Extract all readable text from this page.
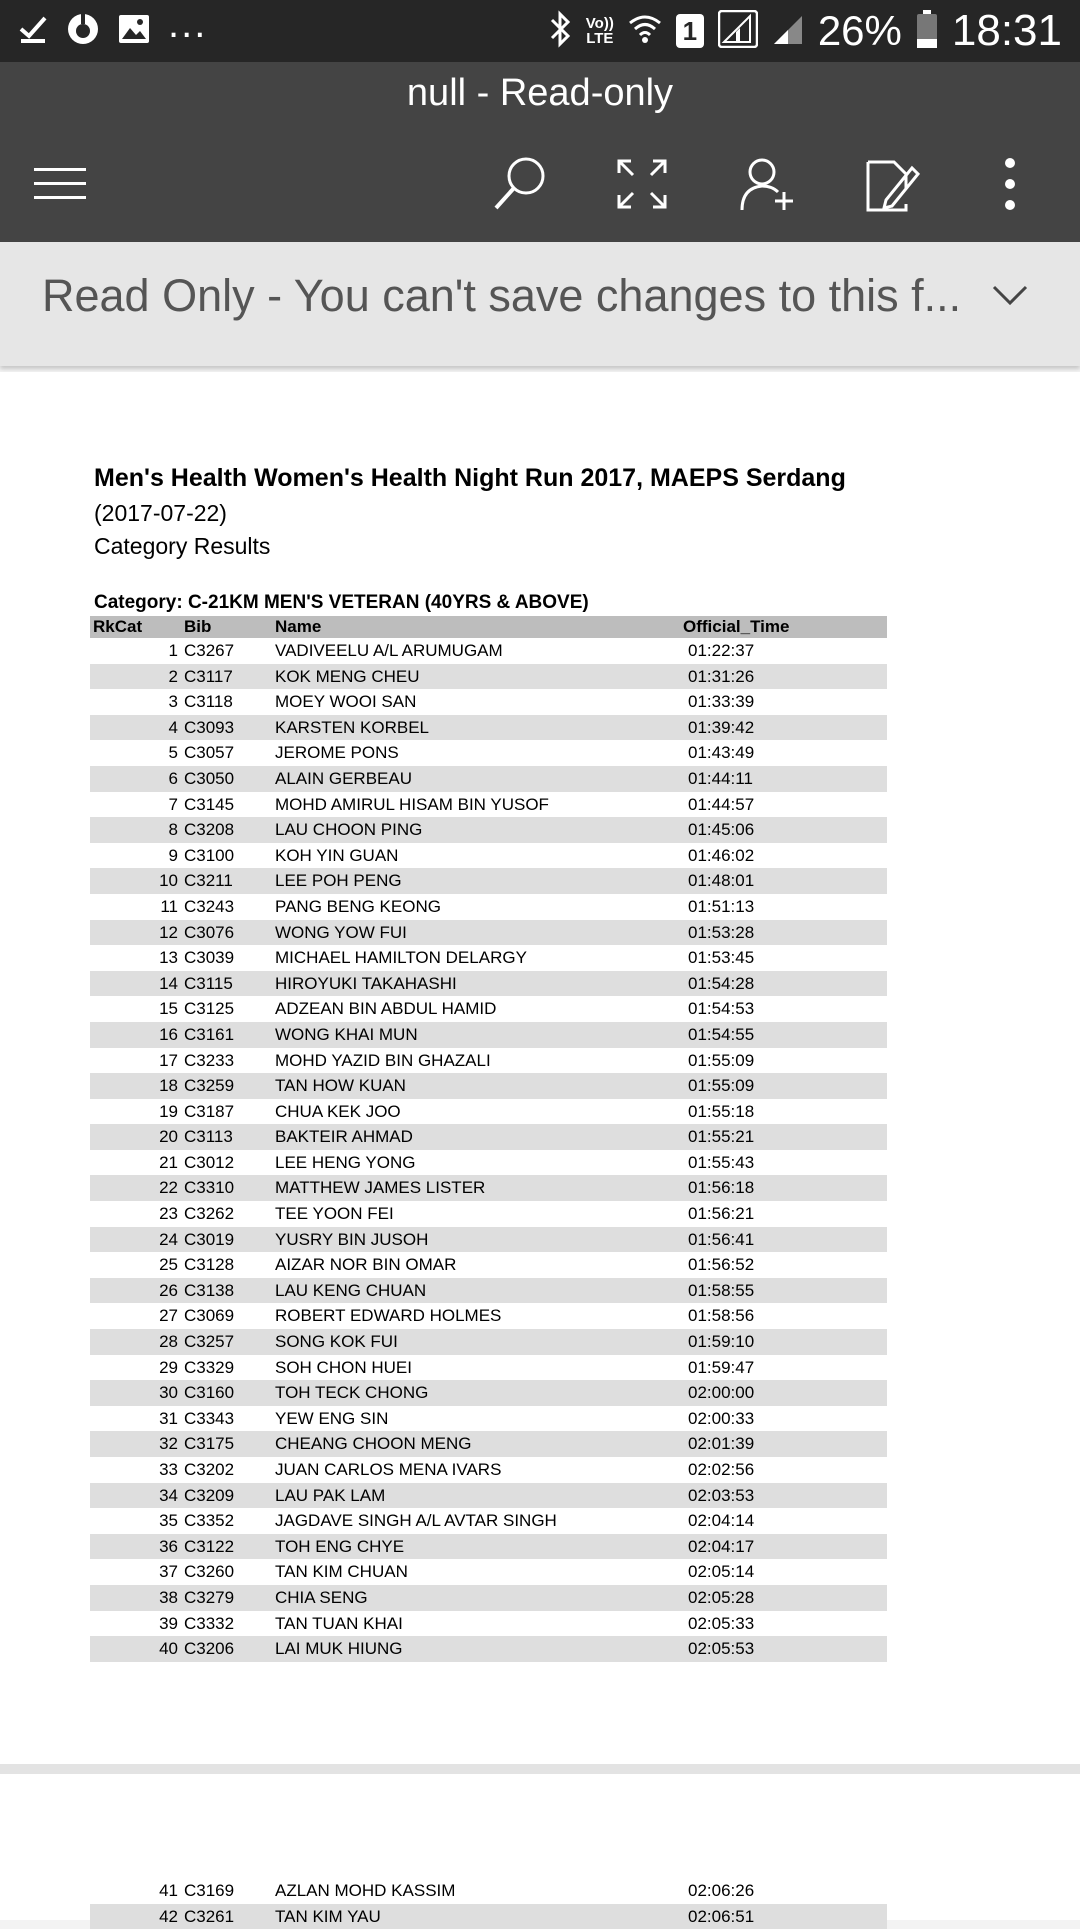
...	Vo))
LTE	1	26% 18:31
null - Read-only
Read Only - You can't save changes to this f...
Men's Health Women's Health Night Run 2017, MAEPS Serdang
(2017-07-22)
Category Results
Category: C-21KM MEN'S VETERAN (40YRS & ABOVE)
RkCat Bib	Name	Official_Time
1 C3267 VADIVEELU A/L ARUMUGAM	01:22:37
2 C3117 KOK MENG CHEU	01:31:26
3 C3118 MOEY WOOI SAN	01:33:39
4 C3093 KARSTEN KORBEL	01:39:42
5 C3057 JEROME PONS	01:43:49
6 C3050 ALAIN GERBEAU	01:44:11
7 C3145 MOHD AMIRUL HISAM BIN YUSOF	01:44:57
8 C3208 LAU CHOON PING	01:45:06
9 C3100 KOH YIN GUAN	01:46:02
10 C3211 LEE POH PENG	01:48:01
11 C3243 PANG BENG KEONG	01:51:13
12 C3076 WONG YOW FUI	01:53:28
13 C3039 MICHAEL HAMILTON DELARGY	01:53:45
14 C3115 HIROYUKI TAKAHASHI	01:54:28
15 C3125 ADZEAN BIN ABDUL HAMID	01:54:53
16 C3161 WONG KHAI MUN	01:54:55
17 C3233 MOHD YAZID BIN GHAZALI	01:55:09
18 C3259 TAN HOW KUAN	01:55:09
19 C3187 CHUA KEK JOO	01:55:18
20 C3113 BAKTEIR AHMAD	01:55:21
21 C3012 LEE HENG YONG	01:55:43
22 C3310 MATTHEW JAMES LISTER	01:56:18
23 C3262 TEE YOON FEI	01:56:21
24 C3019 YUSRY BIN JUSOH	01:56:41
25 C3128 AIZAR NOR BIN OMAR	01:56:52
26 C3138 LAU KENG CHUAN	01:58:55
27 C3069 ROBERT EDWARD HOLMES	01:58:56
28 C3257 SONG KOK FUI	01:59:10
29 C3329 SOH CHON HUEI	01:59:47
30 C3160 TOH TECK CHONG	02:00:00
31 C3343 YEW ENG SIN	02:00:33
32 C3175 CHEANG CHOON MENG	02:01:39
33 C3202 JUAN CARLOS MENA IVARS	02:02:56
34 C3209 LAU PAK LAM	02:03:53
35 C3352 JAGDAVE SINGH A/L AVTAR SINGH	02:04:14
36 C3122 TOH ENG CHYE	02:04:17
37 C3260 TAN KIM CHUAN	02:05:14
38 C3279 CHIA SENG	02:05:28
39 C3332 TAN TUAN KHAI	02:05:33
40 C3206 LAI MUK HIUNG	02:05:53
41 C3169 AZLAN MOHD KASSIM	02:06:26
42 C3261 TAN KIM YAU	02:06:51
